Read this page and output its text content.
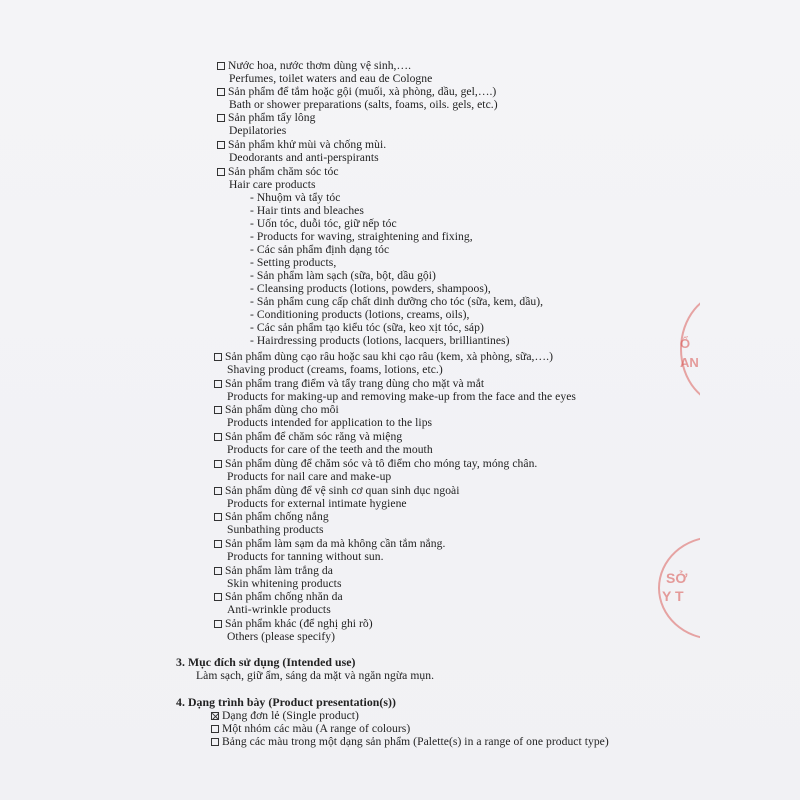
Nước hoa, nước thơm dùng vệ sinh,….
Perfumes, toilet waters and eau de Cologne
Sản phẩm để tắm hoặc gội (muối, xà phòng, dầu, gel,….)
Bath or shower preparations (salts, foams, oils. gels, etc.)
Sản phẩm tẩy lông
Depilatories
Sản phẩm khử mùi và chống mùi.
Deodorants and anti-perspirants
Sản phẩm chăm sóc tóc
Hair care products
- Nhuộm và tẩy tóc
- Hair tints and bleaches
- Uốn tóc, duỗi tóc, giữ nếp tóc
- Products for waving, straightening and fixing,
- Các sản phẩm định dạng tóc
- Setting products,
- Sản phẩm làm sạch (sữa, bột, dầu gội)
- Cleansing products (lotions, powders, shampoos),
- Sản phẩm cung cấp chất dinh dưỡng cho tóc (sữa, kem, dầu),
- Conditioning products (lotions, creams, oils),
- Các sản phẩm tạo kiểu tóc (sữa, keo xịt tóc, sáp)
- Hairdressing products (lotions, lacquers, brilliantines)
Sản phẩm dùng cạo râu hoặc sau khi cạo râu (kem, xà phòng, sữa,….)
Shaving product (creams, foams, lotions, etc.)
Sản phẩm trang điểm và tẩy trang dùng cho mặt và mắt
Products for making-up and removing make-up from the face and the eyes
Sản phẩm dùng cho môi
Products intended for application to the lips
Sản phẩm để chăm sóc răng và miệng
Products for care of the teeth and the mouth
Sản phẩm dùng để chăm sóc và tô điểm cho móng tay, móng chân.
Products for nail care and make-up
Sản phẩm dùng để vệ sinh cơ quan sinh dục ngoài
Products for external intimate hygiene
Sản phẩm chống nắng
Sunbathing products
Sản phẩm làm sạm da mà không cần tắm nắng.
Products for tanning without sun.
Sản phẩm làm trắng da
Skin whitening products
Sản phẩm chống nhăn da
Anti-wrinkle products
Sản phẩm khác (để nghị ghi rõ)
Others (please specify)
3. Mục đích sử dụng (Intended use)
Làm sạch, giữ ẩm, sáng da mặt và ngăn ngừa mụn.
4. Dạng trình bày (Product presentation(s))
Dạng đơn lẻ (Single product)
Một nhóm các màu (A range of colours)
Bảng các màu trong một dạng sản phẩm (Palette(s) in a range of one product type)
Ổ
AN
SỞ
Y T
